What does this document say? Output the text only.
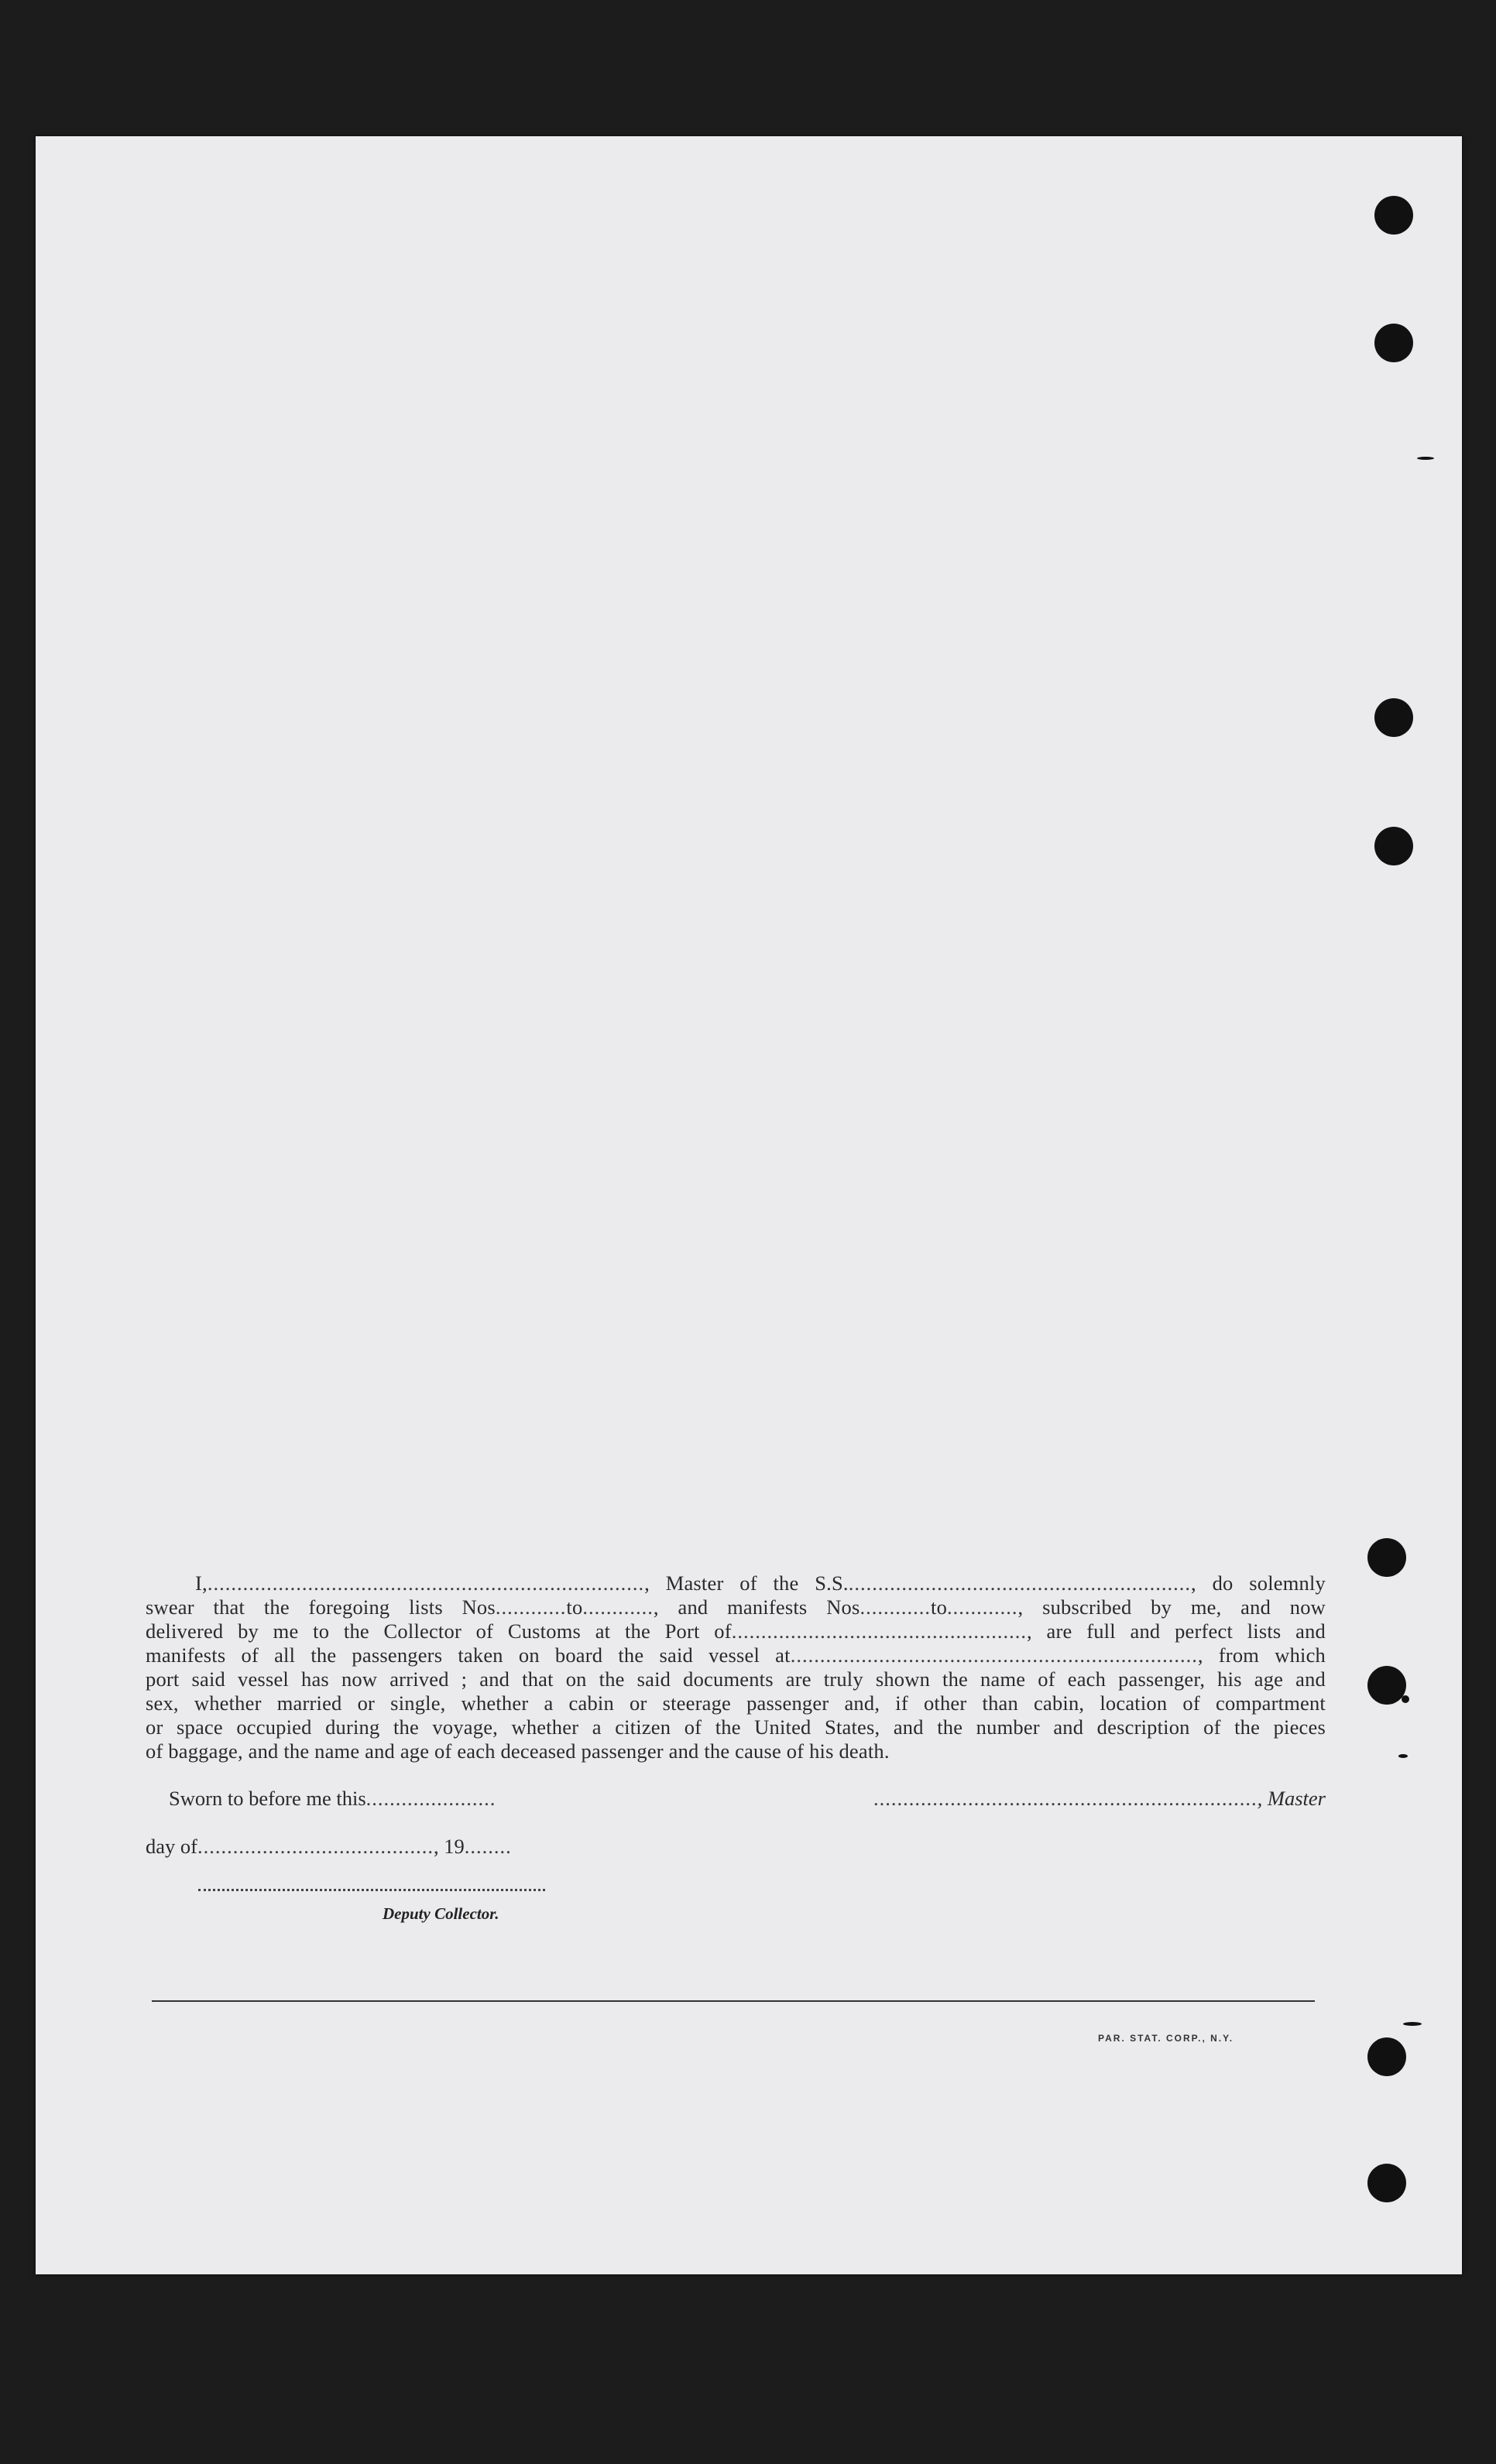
I,.........................................................................., Master of the S.S..........................................................., do solemnly
swear that the foregoing lists Nos............to............, and manifests Nos............to............, subscribed by me, and now
delivered by me to the Collector of Customs at the Port of.................................................., are full and perfect lists and
manifests of all the passengers taken on board the said vessel at....................................................................., from which
port said vessel has now arrived ; and that on the said documents are truly shown the name of each passenger, his age and
sex, whether married or single, whether a cabin or steerage passenger and, if other than cabin, location of compartment
or space occupied during the voyage, whether a citizen of the United States, and the number and description of the pieces
of baggage, and the name and age of each deceased passenger and the cause of his death.
Sworn to before me this......................	................................................................., Master
day of........................................, 19........
Deputy Collector.
PAR. STAT. CORP., N.Y.
